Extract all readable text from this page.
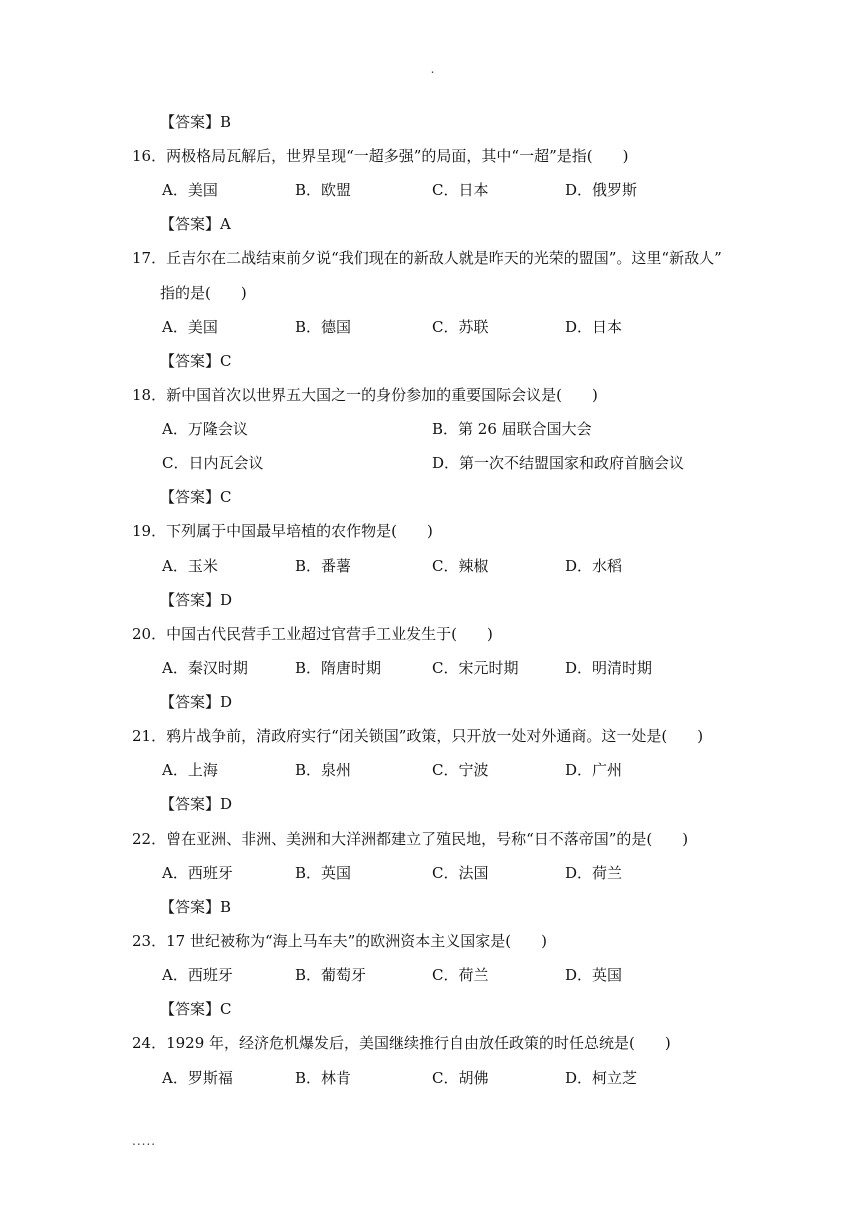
.
【答案】B
16．两极格局瓦解后，世界呈现“一超多强”的局面，其中“一超”是指(　　)
A．美国	B．欧盟	C．日本	D．俄罗斯
【答案】A
17．丘吉尔在二战结束前夕说“我们现在的新敌人就是昨天的光荣的盟国”。这里“新敌人”
指的是(　　)
A．美国	B．德国	C．苏联	D．日本
【答案】C
18．新中国首次以世界五大国之一的身份参加的重要国际会议是(　　)
A．万隆会议	B．第 26 届联合国大会
C．日内瓦会议	D．第一次不结盟国家和政府首脑会议
【答案】C
19．下列属于中国最早培植的农作物是(　　)
A．玉米	B．番薯	C．辣椒	D．水稻
【答案】D
20．中国古代民营手工业超过官营手工业发生于(　　)
A．秦汉时期	B．隋唐时期	C．宋元时期	D．明清时期
【答案】D
21．鸦片战争前，清政府实行“闭关锁国”政策，只开放一处对外通商。这一处是(　　)
A．上海	B．泉州	C．宁波	D．广州
【答案】D
22．曾在亚洲、非洲、美洲和大洋洲都建立了殖民地，号称“日不落帝国”的是(　　)
A．西班牙	B．英国	C．法国	D．荷兰
【答案】B
23．17 世纪被称为“海上马车夫”的欧洲资本主义国家是(　　)
A．西班牙	B．葡萄牙	C．荷兰	D．英国
【答案】C
24．1929 年，经济危机爆发后，美国继续推行自由放任政策的时任总统是(　　)
A．罗斯福	B．林肯	C．胡佛	D．柯立芝
.....
